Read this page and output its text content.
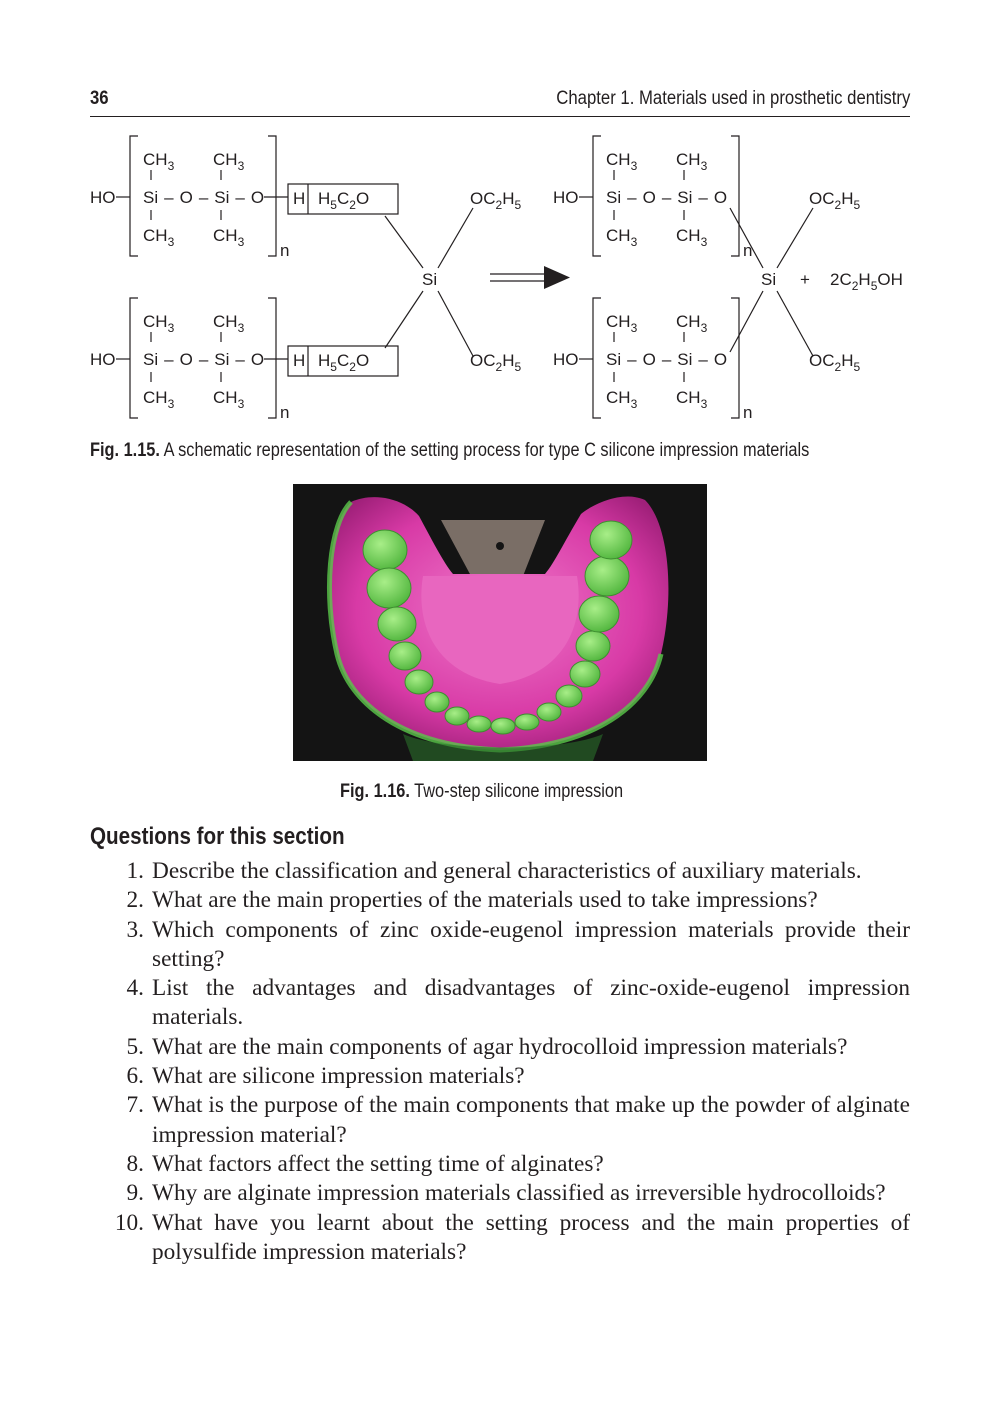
36	Chapter 1. Materials used in prosthetic dentistry
HO	H $H_5C_2O$
HO	H $H_5C_2O$
Si
$OC_2H_5$
$OC_2H_5$
HO
HO
Si
$OC_2H_5$
$OC_2H_5$
+ $2C_2H_5OH$
Fig. 1.15. A schematic representation of the setting process for type C silicone impression materials
Fig. 1.16. Two-step silicone impression
Questions for this section
1. Describe the classification and general characteristics of auxiliary materials.
2. What are the main properties of the materials used to take impressions?
3. Which components of zinc oxide-eugenol impression materials provide their setting?
4. List the advantages and disadvantages of zinc-oxide-eugenol impression materials.
5. What are the main components of agar hydrocolloid impression materials?
6. What are silicone impression materials?
7. What is the purpose of the main components that make up the powder of alginate impression material?
8. What factors affect the setting time of alginates?
9. Why are alginate impression materials classified as irreversible hydrocolloids?
10. What have you learnt about the setting process and the main properties of polysulfide impression materials?
